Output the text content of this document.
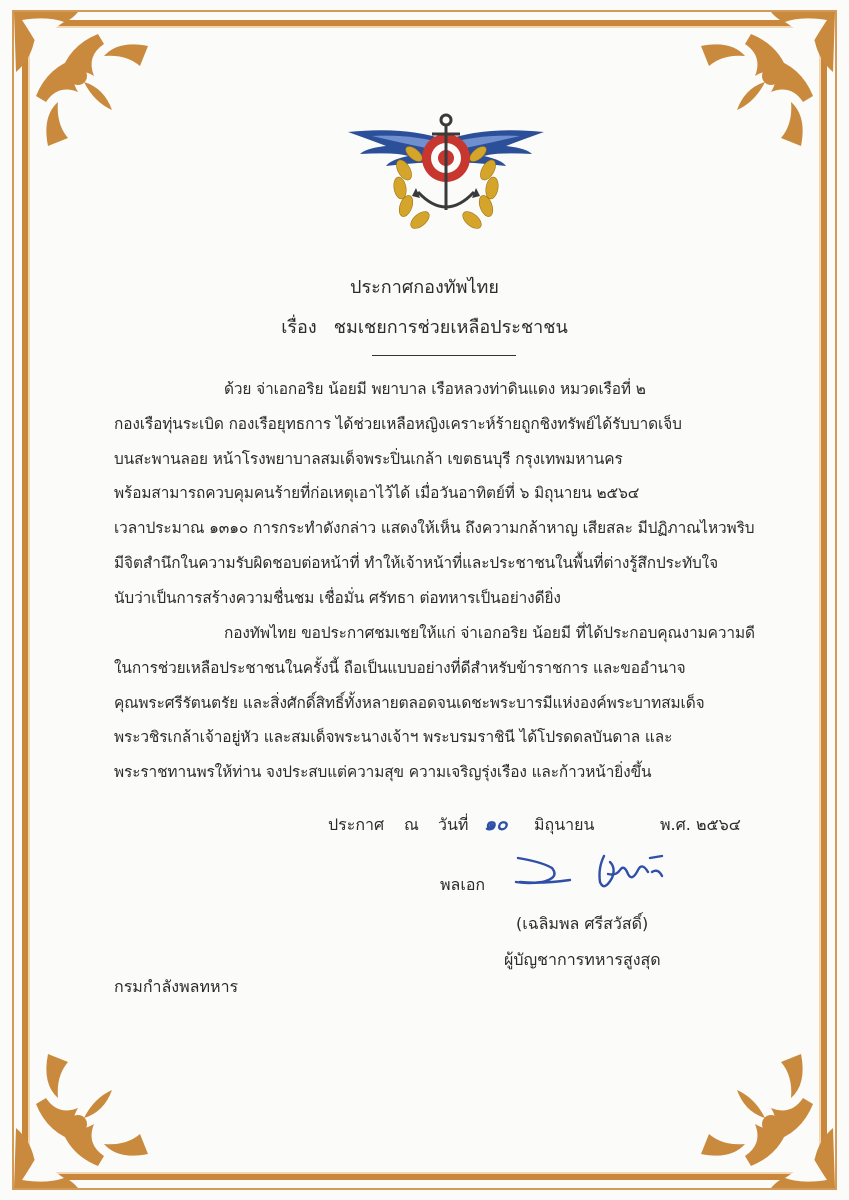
ประกาศกองทัพไทย
เรื่อง ชมเชยการช่วยเหลือประชาชน
ด้วย จ่าเอกอริย น้อยมี พยาบาล เรือหลวงท่าดินแดง หมวดเรือที่ ๒
กองเรือทุ่นระเบิด กองเรือยุทธการ ได้ช่วยเหลือหญิงเคราะห์ร้ายถูกชิงทรัพย์ได้รับบาดเจ็บ
บนสะพานลอย หน้าโรงพยาบาลสมเด็จพระปิ่นเกล้า เขตธนบุรี กรุงเทพมหานคร
พร้อมสามารถควบคุมคนร้ายที่ก่อเหตุเอาไว้ได้ เมื่อวันอาทิตย์ที่ ๖ มิถุนายน ๒๕๖๔
เวลาประมาณ ๑๓๑๐ การกระทำดังกล่าว แสดงให้เห็น ถึงความกล้าหาญ เสียสละ มีปฏิภาณไหวพริบ
มีจิตสำนึกในความรับผิดชอบต่อหน้าที่ ทำให้เจ้าหน้าที่และประชาชนในพื้นที่ต่างรู้สึกประทับใจ
นับว่าเป็นการสร้างความชื่นชม เชื่อมั่น ศรัทธา ต่อทหารเป็นอย่างดียิ่ง
กองทัพไทย ขอประกาศชมเชยให้แก่ จ่าเอกอริย น้อยมี ที่ได้ประกอบคุณงามความดี
ในการช่วยเหลือประชาชนในครั้งนี้ ถือเป็นแบบอย่างที่ดีสำหรับข้าราชการ และขออำนาจ
คุณพระศรีรัตนตรัย และสิ่งศักดิ์สิทธิ์ทั้งหลายตลอดจนเดชะพระบารมีแห่งองค์พระบาทสมเด็จ
พระวชิรเกล้าเจ้าอยู่หัว และสมเด็จพระนางเจ้าฯ พระบรมราชินี ได้โปรดดลบันดาล และ
พระราชทานพรให้ท่าน จงประสบแต่ความสุข ความเจริญรุ่งเรือง และก้าวหน้ายิ่งขึ้น
ประกาศ ณ วันที่ ๑๐ มิถุนายน	พ.ศ. ๒๕๖๔
พลเอก
(เฉลิมพล ศรีสวัสดิ์)
ผู้บัญชาการทหารสูงสุด
กรมกำลังพลทหาร
